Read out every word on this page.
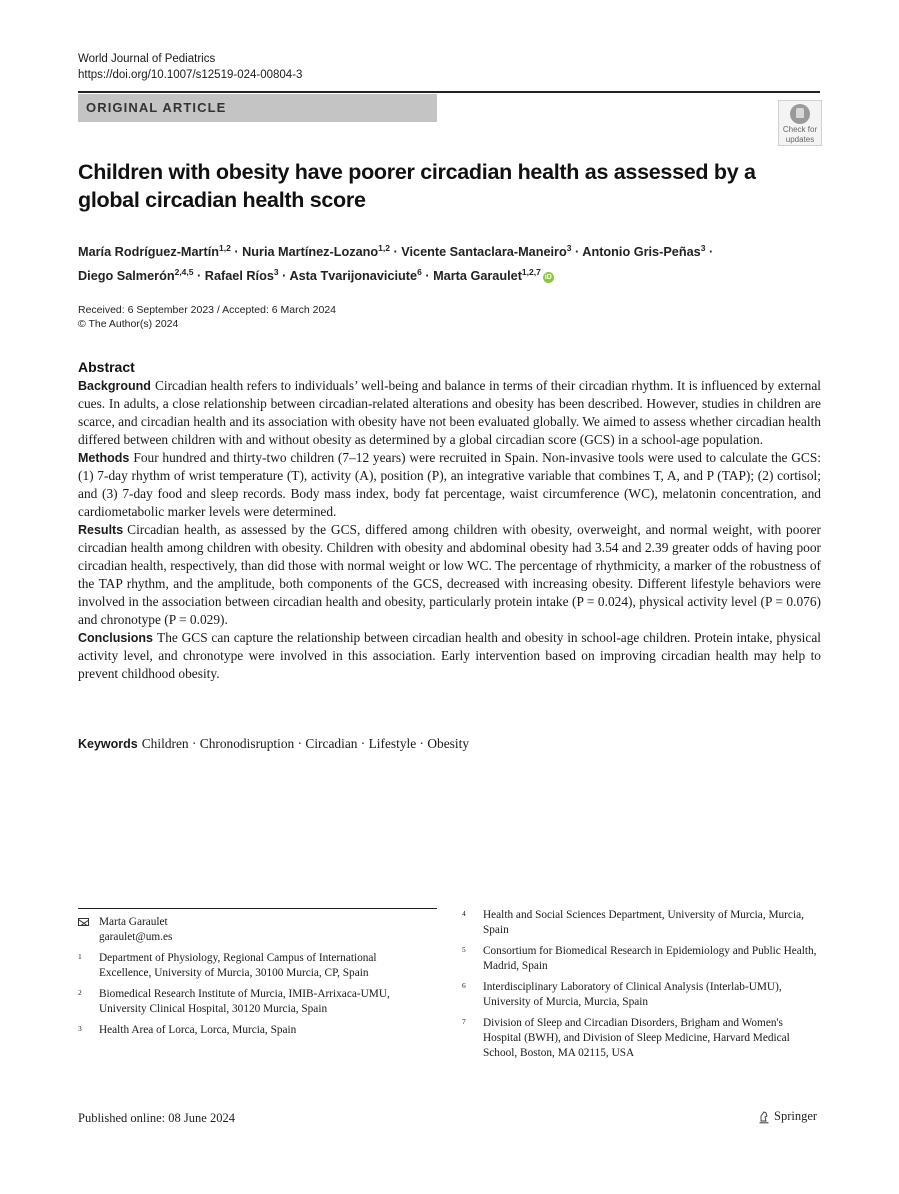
World Journal of Pediatrics
https://doi.org/10.1007/s12519-024-00804-3
ORIGINAL ARTICLE
Check for
updates
Children with obesity have poorer circadian health as assessed by a global circadian health score
María Rodríguez-Martín$^{1,2}$ · Nuria Martínez-Lozano$^{1,2}$ · Vicente Santaclara-Maneiro$^3$ · Antonio Gris-Peñas$^3$ ·
Diego Salmerón$^{2,4,5}$ · Rafael Ríos$^3$ · Asta Tvarijonaviciute$^6$ · Marta Garaulet$^{1,2,7}$ iD
Received: 6 September 2023 / Accepted: 6 March 2024
© The Author(s) 2024
Abstract

Background Circadian health refers to individuals’ well-being and balance in terms of their circadian rhythm. It is influenced by external cues. In adults, a close relationship between circadian-related alterations and obesity has been described. However, studies in children are scarce, and circadian health and its association with obesity have not been evaluated globally. We aimed to assess whether circadian health differed between children with and without obesity as determined by a global circadian score (GCS) in a school-age population.

Methods Four hundred and thirty-two children (7–12 years) were recruited in Spain. Non-invasive tools were used to calculate the GCS: (1) 7-day rhythm of wrist temperature (T), activity (A), position (P), an integrative variable that combines T, A, and P (TAP); (2) cortisol; and (3) 7-day food and sleep records. Body mass index, body fat percentage, waist circumference (WC), melatonin concentration, and cardiometabolic marker levels were determined.

Results Circadian health, as assessed by the GCS, differed among children with obesity, overweight, and normal weight, with poorer circadian health among children with obesity. Children with obesity and abdominal obesity had 3.54 and 2.39 greater odds of having poor circadian health, respectively, than did those with normal weight or low WC. The percentage of rhythmicity, a marker of the robustness of the TAP rhythm, and the amplitude, both components of the GCS, decreased with increasing obesity. Different lifestyle behaviors were involved in the association between circadian health and obesity, particularly protein intake (P = 0.024), physical activity level (P = 0.076) and chronotype (P = 0.029).

Conclusions The GCS can capture the relationship between circadian health and obesity in school-age children. Protein intake, physical activity level, and chronotype were involved in this association. Early intervention based on improving circadian health may help to prevent childhood obesity.

Keywords Children · Chronodisruption · Circadian · Lifestyle · Obesity
Marta Garaulet
garaulet@um.es
1 Department of Physiology, Regional Campus of International Excellence, University of Murcia, 30100 Murcia, CP, Spain
2 Biomedical Research Institute of Murcia, IMIB-Arrixaca-UMU, University Clinical Hospital, 30120 Murcia, Spain
3 Health Area of Lorca, Lorca, Murcia, Spain
4 Health and Social Sciences Department, University of Murcia, Murcia, Spain
5 Consortium for Biomedical Research in Epidemiology and Public Health, Madrid, Spain
6 Interdisciplinary Laboratory of Clinical Analysis (Interlab-UMU), University of Murcia, Murcia, Spain
7 Division of Sleep and Circadian Disorders, Brigham and Women's Hospital (BWH), and Division of Sleep Medicine, Harvard Medical School, Boston, MA 02115, USA
Published online: 08 June 2024	Springer
